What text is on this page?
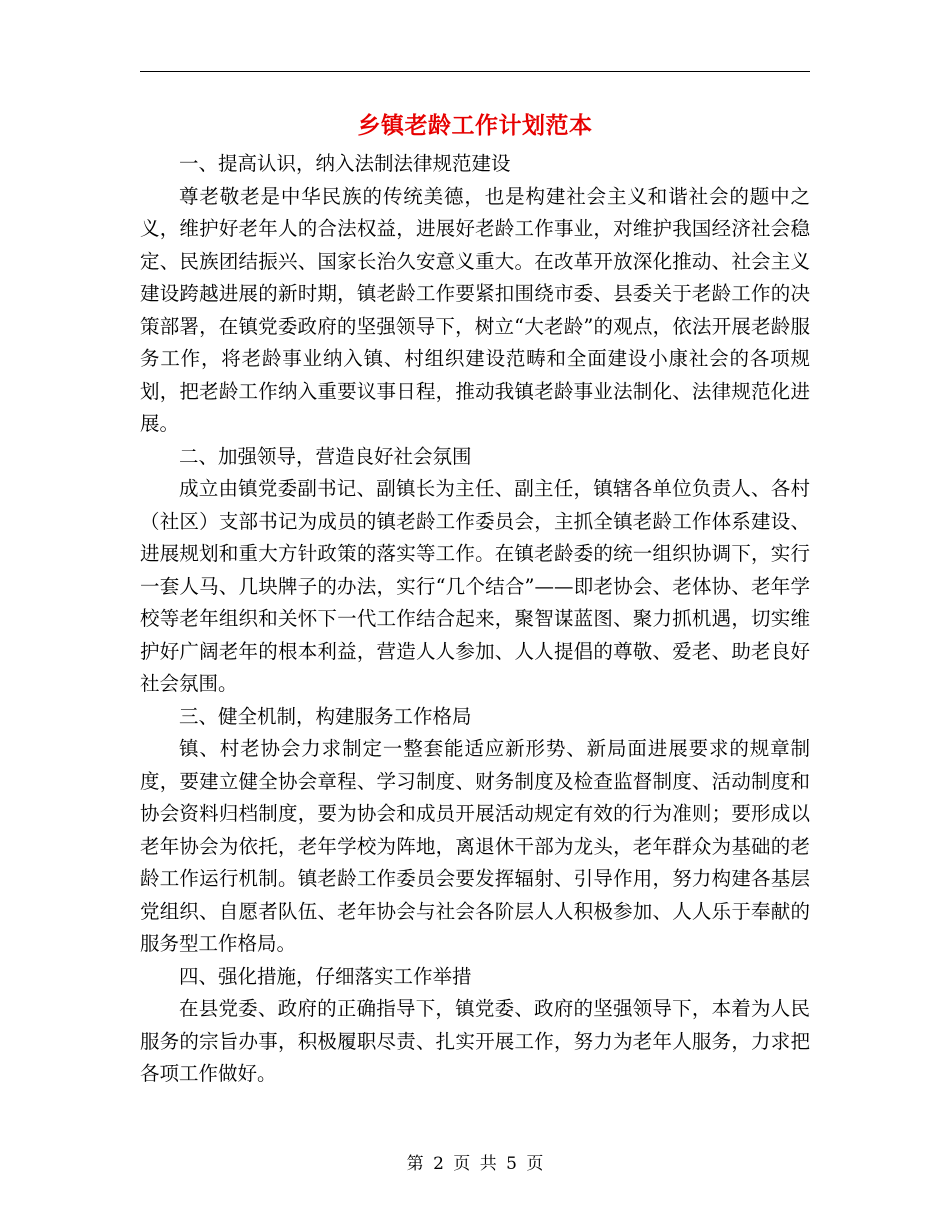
乡镇老龄工作计划范本

一、提高认识，纳入法制法律规范建设

尊老敬老是中华民族的传统美德，也是构建社会主义和谐社会的题中之义，维护好老年人的合法权益，进展好老龄工作事业，对维护我国经济社会稳定、民族团结振兴、国家长治久安意义重大。在改革开放深化推动、社会主义建设跨越进展的新时期，镇老龄工作要紧扣围绕市委、县委关于老龄工作的决策部署，在镇党委政府的坚强领导下，树立“大老龄”的观点，依法开展老龄服务工作，将老龄事业纳入镇、村组织建设范畴和全面建设小康社会的各项规划，把老龄工作纳入重要议事日程，推动我镇老龄事业法制化、法律规范化进展。

二、加强领导，营造良好社会氛围

成立由镇党委副书记、副镇长为主任、副主任，镇辖各单位负责人、各村（社区）支部书记为成员的镇老龄工作委员会，主抓全镇老龄工作体系建设、进展规划和重大方针政策的落实等工作。在镇老龄委的统一组织协调下，实行一套人马、几块牌子的办法，实行“几个结合”——即老协会、老体协、老年学校等老年组织和关怀下一代工作结合起来，聚智谋蓝图、聚力抓机遇，切实维护好广阔老年的根本利益，营造人人参加、人人提倡的尊敬、爱老、助老良好社会氛围。

三、健全机制，构建服务工作格局

镇、村老协会力求制定一整套能适应新形势、新局面进展要求的规章制度，要建立健全协会章程、学习制度、财务制度及检查监督制度、活动制度和协会资料归档制度，要为协会和成员开展活动规定有效的行为准则；要形成以老年协会为依托，老年学校为阵地，离退休干部为龙头，老年群众为基础的老龄工作运行机制。镇老龄工作委员会要发挥辐射、引导作用，努力构建各基层党组织、自愿者队伍、老年协会与社会各阶层人人积极参加、人人乐于奉献的服务型工作格局。

四、强化措施，仔细落实工作举措

在县党委、政府的正确指导下，镇党委、政府的坚强领导下，本着为人民服务的宗旨办事，积极履职尽责、扎实开展工作，努力为老年人服务，力求把各项工作做好。

第 2 页 共 5 页
